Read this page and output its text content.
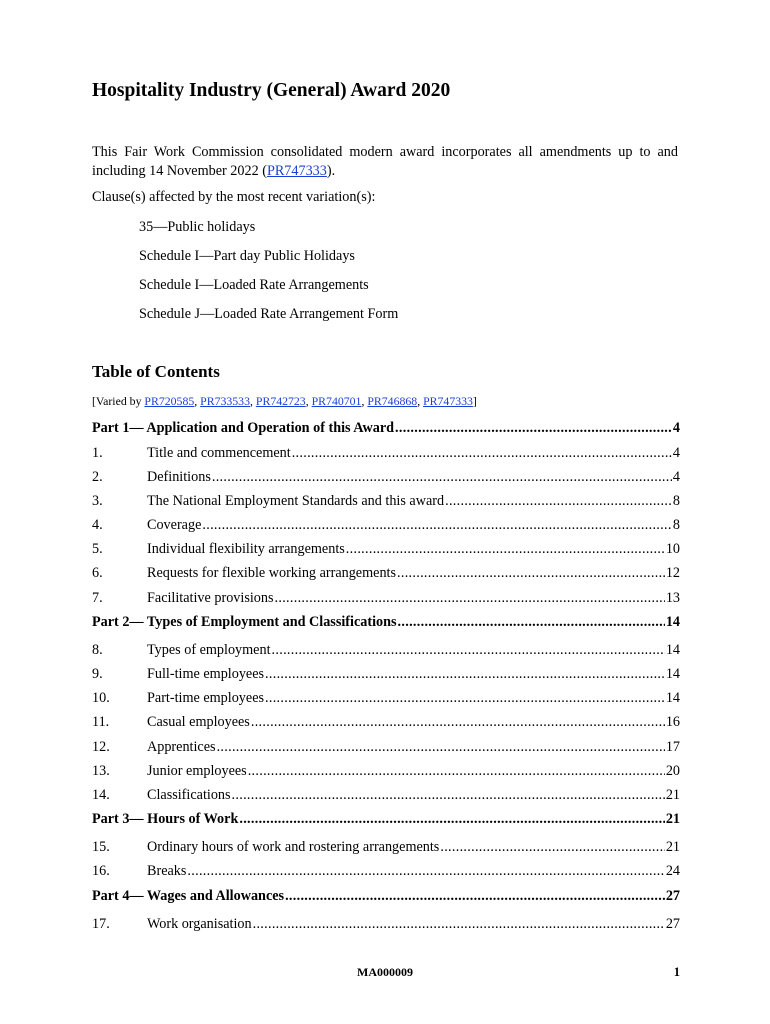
Hospitality Industry (General) Award 2020

This Fair Work Commission consolidated modern award incorporates all amendments up to and including 14 November 2022 (PR747333).

Clause(s) affected by the most recent variation(s):

35—Public holidays
Schedule I—Part day Public Holidays
Schedule I—Loaded Rate Arrangements
Schedule J—Loaded Rate Arrangement Form
Table of Contents

[Varied by PR720585, PR733533, PR742723, PR740701, PR746868, PR747333]

Part 1— Application and Operation of this Award .....	4
1.	Title and commencement .....	4
2.	Definitions .....	4
3.	The National Employment Standards and this award .....	8
4.	Coverage .....	8
5.	Individual flexibility arrangements .....	10
6.	Requests for flexible working arrangements .....	12
7.	Facilitative provisions .....	13
Part 2— Types of Employment and Classifications .....	14
8.	Types of employment .....	14
9.	Full-time employees .....	14
10.	Part-time employees .....	14
11.	Casual employees .....	16
12.	Apprentices .....	17
13.	Junior employees .....	20
14.	Classifications .....	21
Part 3— Hours of Work .....	21
15.	Ordinary hours of work and rostering arrangements .....	21
16.	Breaks .....	24
Part 4— Wages and Allowances .....	27
17.	Work organisation .....	27

MA000009	1
